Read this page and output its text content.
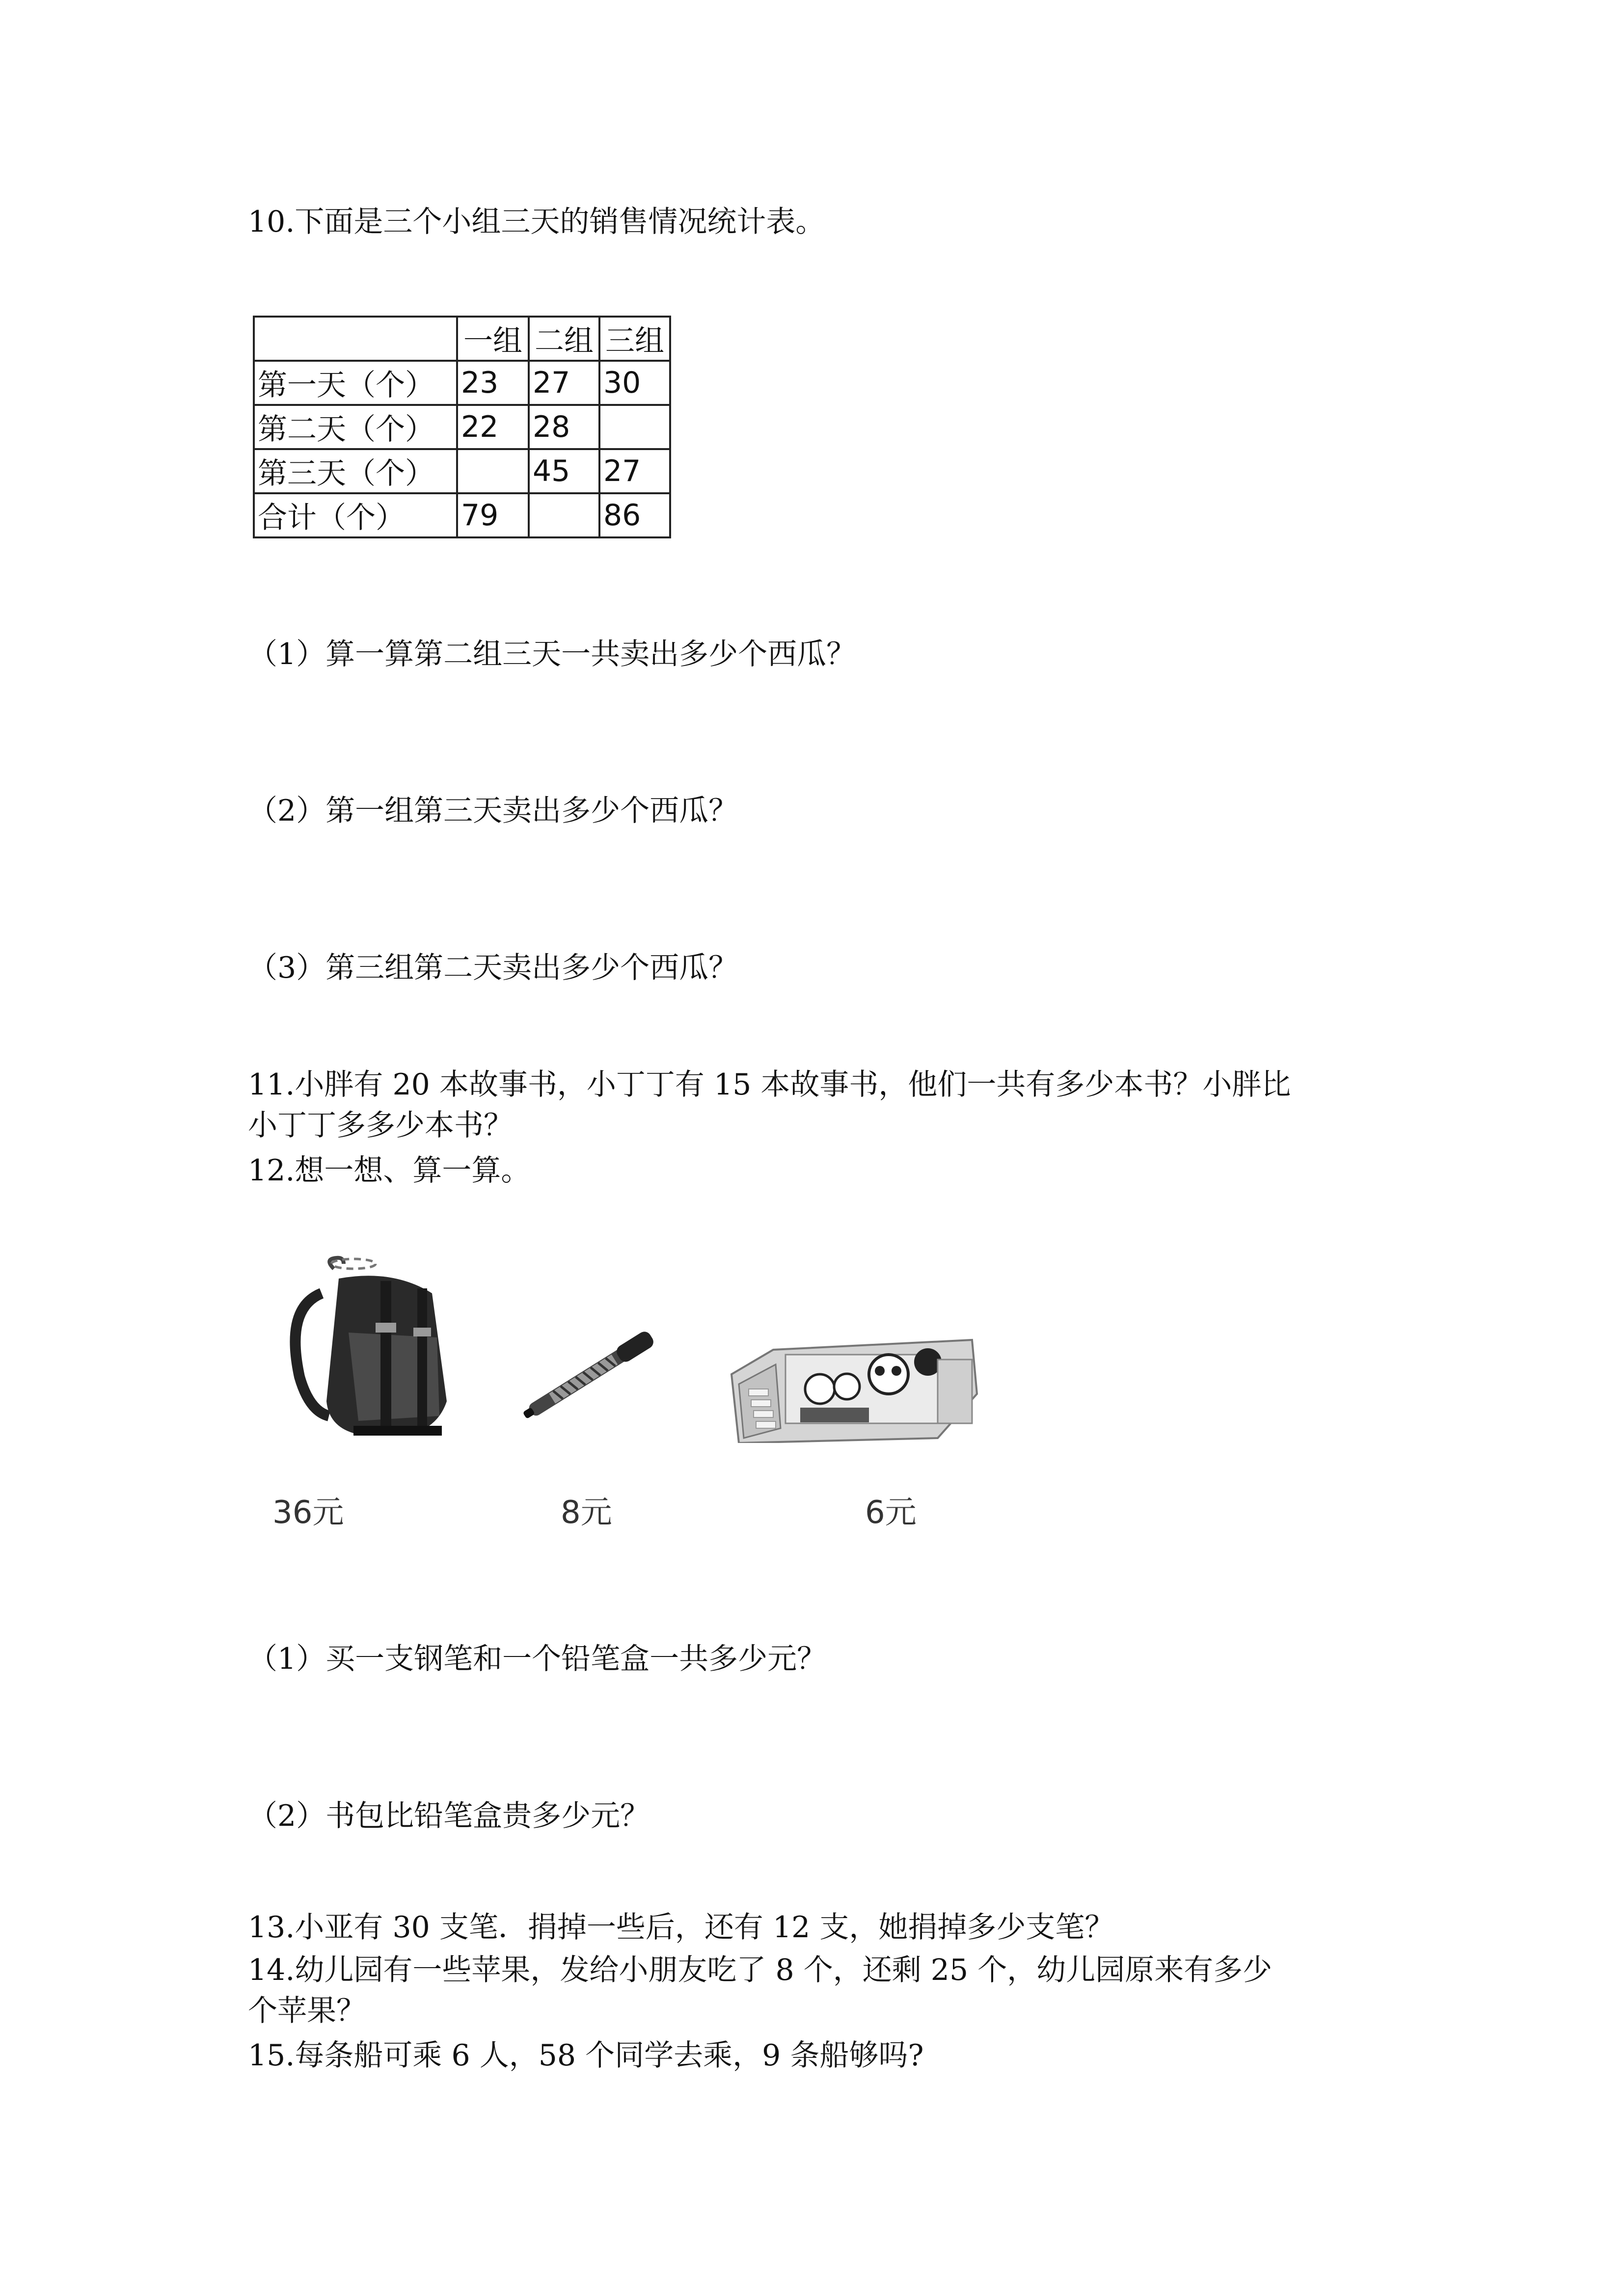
10.下面是三个小组三天的销售情况统计表。
	一组	二组	三组
第一天（个）	23	27	30
第二天（个）	22	28	
第三天（个）		45	27
合计（个）	79		86
（1）算一算第二组三天一共卖出多少个西瓜？
（2）第一组第三天卖出多少个西瓜？
（3）第三组第二天卖出多少个西瓜？
11.小胖有 20 本故事书，小丁丁有 15 本故事书，他们一共有多少本书？小胖比
小丁丁多多少本书？
12.想一想、算一算。
36元	8元	6元
（1）买一支钢笔和一个铅笔盒一共多少元？
（2）书包比铅笔盒贵多少元？
13.小亚有 30 支笔．捐掉一些后，还有 12 支，她捐掉多少支笔？
14.幼儿园有一些苹果，发给小朋友吃了 8 个，还剩 25 个，幼儿园原来有多少
个苹果？
15.每条船可乘 6 人，58 个同学去乘，9 条船够吗?
